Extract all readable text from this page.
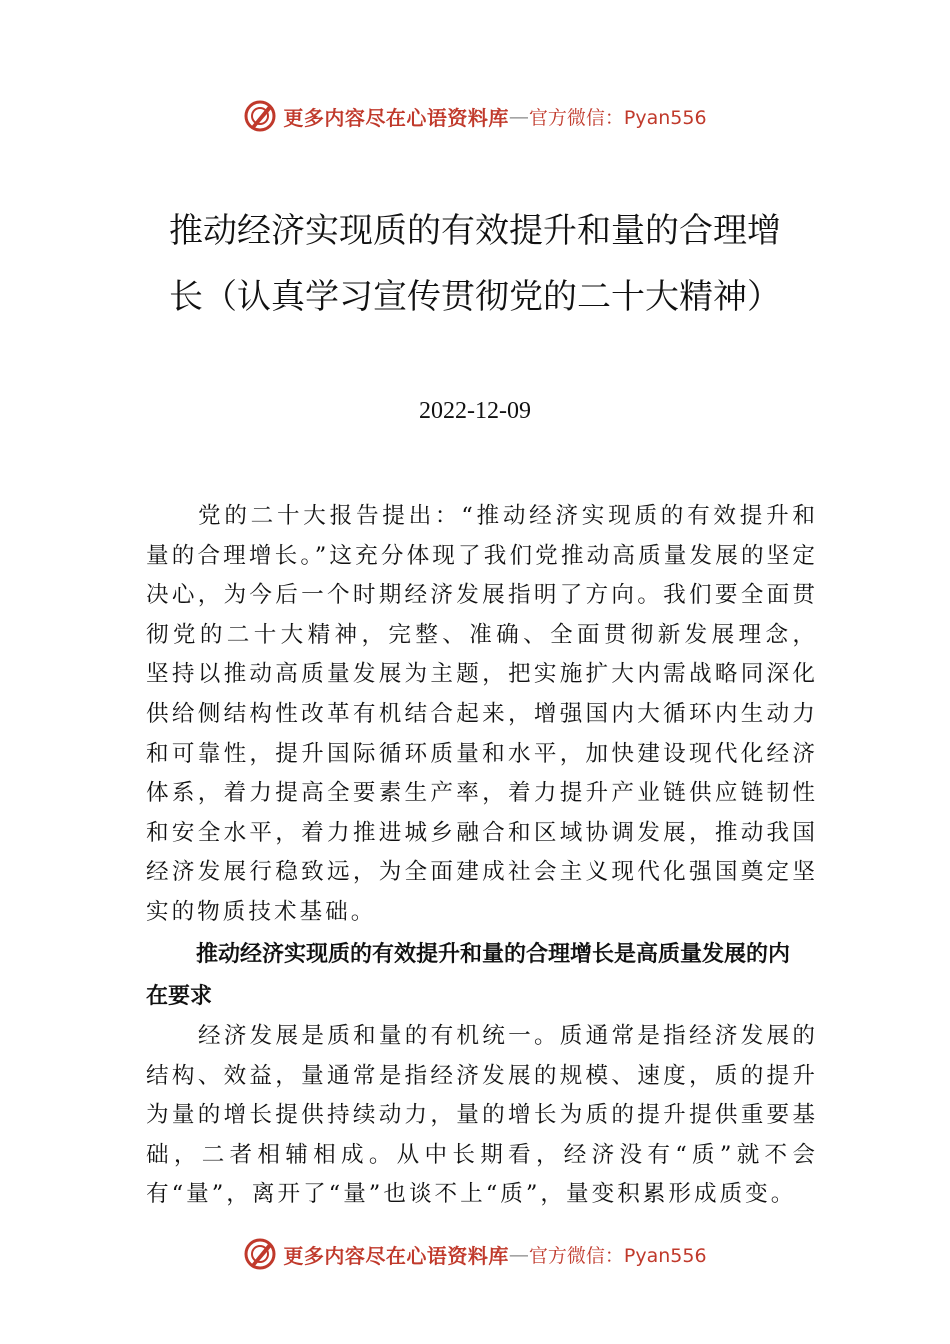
更多内容尽在心语资料库 — 官方微信：Pyan556
推动经济实现质的有效提升和量的合理增长（认真学习宣传贯彻党的二十大精神）
2022-12-09

党的二十大报告提出：“推动经济实现质的有效提升和量的合理增长。”这充分体现了我们党推动高质量发展的坚定决心，为今后一个时期经济发展指明了方向。我们要全面贯彻党的二十大精神，完整、准确、全面贯彻新发展理念， 坚持以推动高质量发展为主题，把实施扩大内需战略同深化供给侧结构性改革有机结合起来，增强国内大循环内生动力和可靠性，提升国际循环质量和水平，加快建设现代化经济体系，着力提高全要素生产率，着力提升产业链供应链韧性和安全水平，着力推进城乡融合和区域协调发展，推动我国经济发展行稳致远，为全面建成社会主义现代化强国奠定坚实的物质技术基础。

推动经济实现质的有效提升和量的合理增长是高质量发展的内在要求

经济发展是质和量的有机统一。质通常是指经济发展的结构、效益，量通常是指经济发展的规模、速度，质的提升为量的增长提供持续动力，量的增长为质的提升提供重要基础，二者相辅相成。从中长期看，经济没有“质”就不会有“量”，离开了“量”也谈不上“质”，量变积累形成质变。

更多内容尽在心语资料库 — 官方微信：Pyan556
